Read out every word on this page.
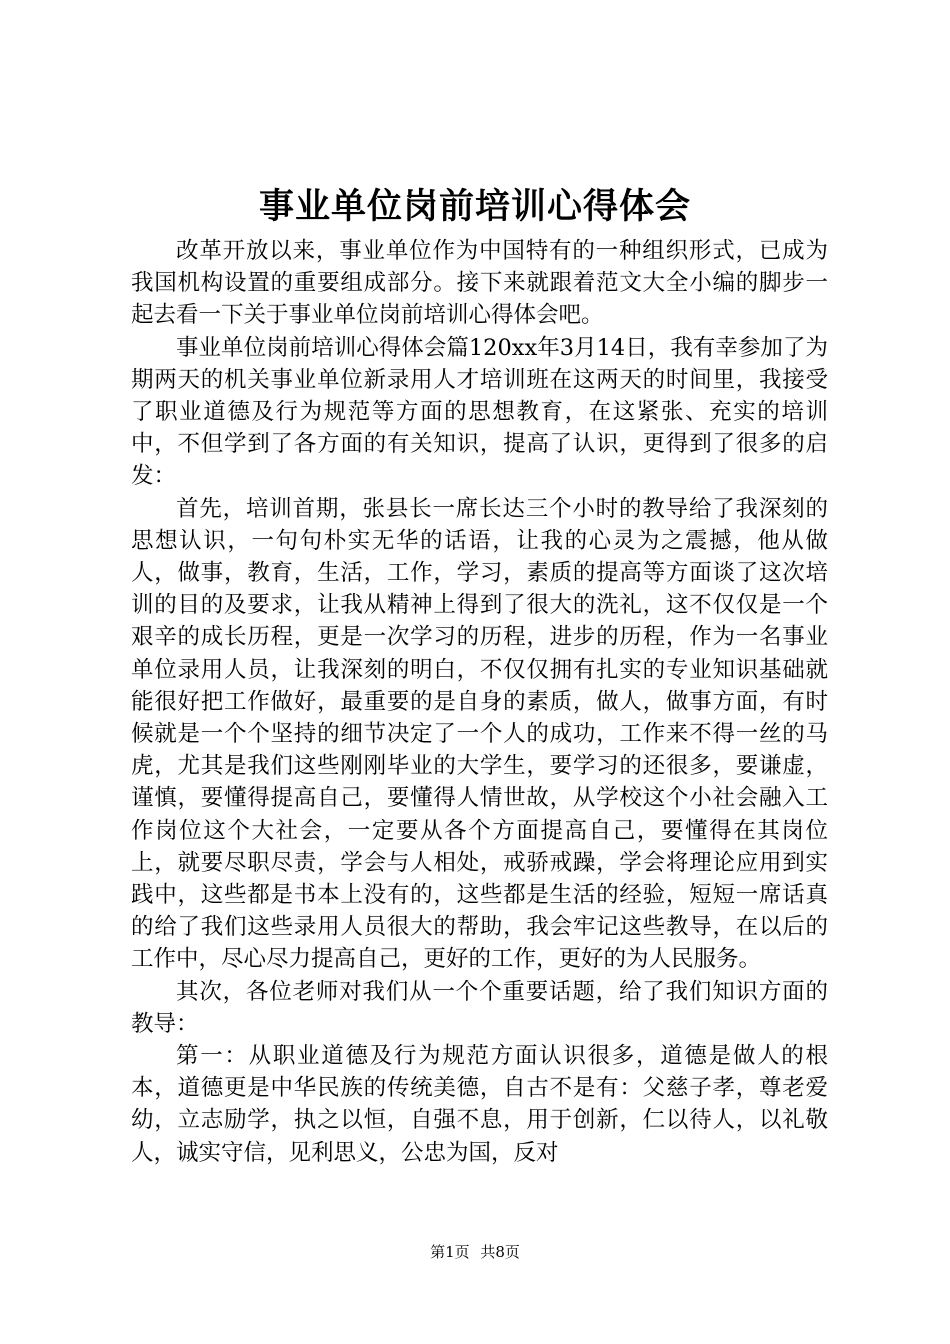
事业单位岗前培训心得体会

改革开放以来，事业单位作为中国特有的一种组织形式，已成为我国机构设置的重要组成部分。接下来就跟着范文大全小编的脚步一起去看一下关于事业单位岗前培训心得体会吧。

事业单位岗前培训心得体会篇120xx年3月14日，我有幸参加了为期两天的机关事业单位新录用人才培训班在这两天的时间里，我接受了职业道德及行为规范等方面的思想教育，在这紧张、充实的培训中，不但学到了各方面的有关知识，提高了认识，更得到了很多的启发：

首先，培训首期，张县长一席长达三个小时的教导给了我深刻的思想认识，一句句朴实无华的话语，让我的心灵为之震撼，他从做人，做事，教育，生活，工作，学习，素质的提高等方面谈了这次培训的目的及要求，让我从精神上得到了很大的洗礼，这不仅仅是一个艰辛的成长历程，更是一次学习的历程，进步的历程，作为一名事业单位录用人员，让我深刻的明白，不仅仅拥有扎实的专业知识基础就能很好把工作做好，最重要的是自身的素质，做人，做事方面，有时候就是一个个坚持的细节决定了一个人的成功，工作来不得一丝的马虎，尤其是我们这些刚刚毕业的大学生，要学习的还很多，要谦虚，谨慎，要懂得提高自己，要懂得人情世故，从学校这个小社会融入工作岗位这个大社会，一定要从各个方面提高自己，要懂得在其岗位上，就要尽职尽责，学会与人相处，戒骄戒躁，学会将理论应用到实践中，这些都是书本上没有的，这些都是生活的经验，短短一席话真的给了我们这些录用人员很大的帮助，我会牢记这些教导，在以后的工作中，尽心尽力提高自己，更好的工作，更好的为人民服务。

其次，各位老师对我们从一个个重要话题，给了我们知识方面的教导：

第一：从职业道德及行为规范方面认识很多，道德是做人的根本，道德更是中华民族的传统美德，自古不是有：父慈子孝，尊老爱幼，立志励学，执之以恒，自强不息，用于创新，仁以待人，以礼敬人，诚实守信，见利思义，公忠为国，反对

第1页 共8页
